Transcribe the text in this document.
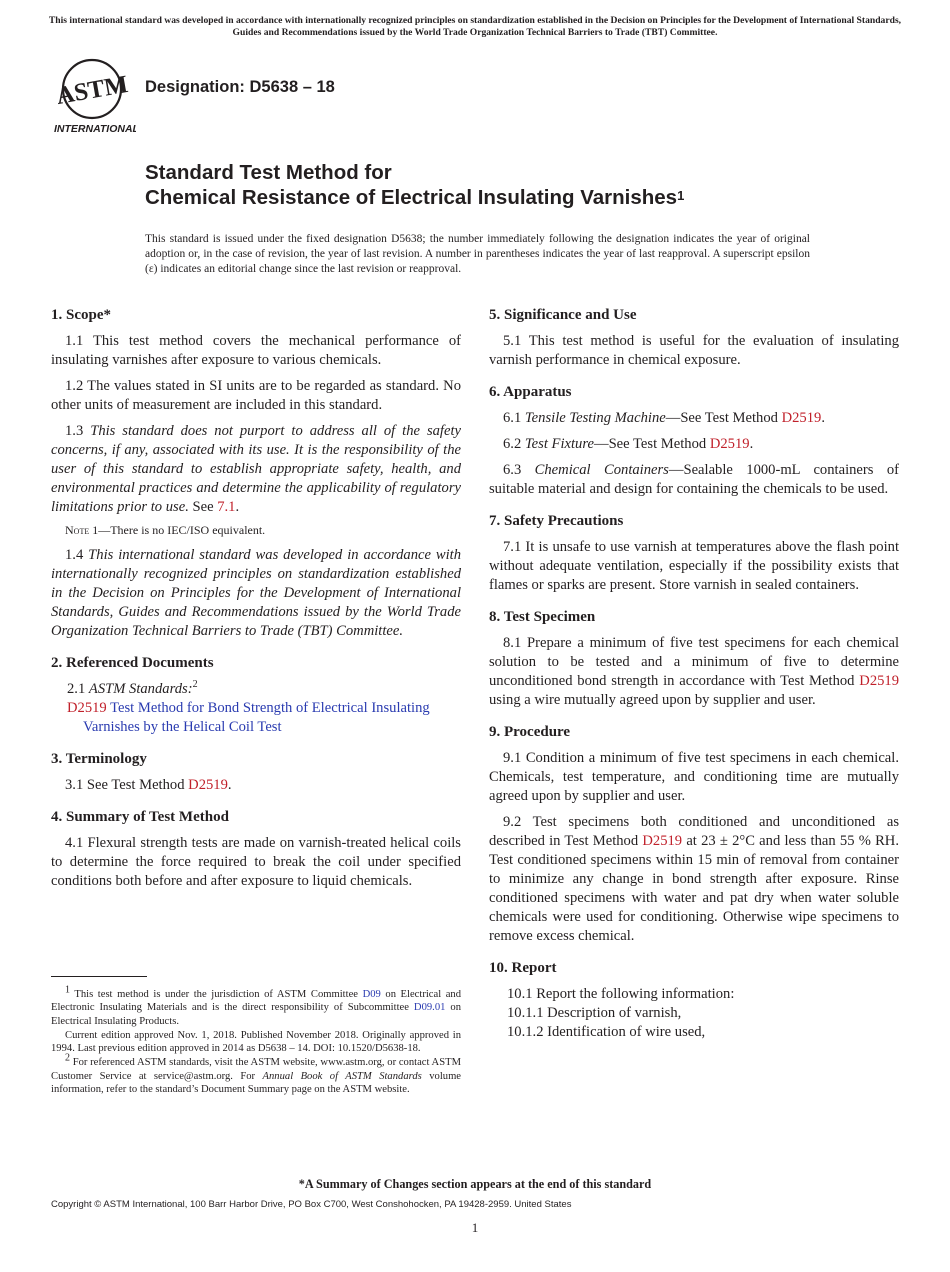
This international standard was developed in accordance with internationally recognized principles on standardization established in the Decision on Principles for the Development of International Standards, Guides and Recommendations issued by the World Trade Organization Technical Barriers to Trade (TBT) Committee.
ASTM
INTERNATIONAL
Designation: D5638 – 18
Standard Test Method for
Chemical Resistance of Electrical Insulating Varnishes$^1$
This standard is issued under the fixed designation D5638; the number immediately following the designation indicates the year of original adoption or, in the case of revision, the year of last revision. A number in parentheses indicates the year of last reapproval. A superscript epsilon (ε) indicates an editorial change since the last revision or reapproval.
1. Scope*

1.1 This test method covers the mechanical performance of insulating varnishes after exposure to various chemicals.

1.2 The values stated in SI units are to be regarded as standard. No other units of measurement are included in this standard.

1.3 This standard does not purport to address all of the safety concerns, if any, associated with its use. It is the responsibility of the user of this standard to establish appropriate safety, health, and environmental practices and determine the applicability of regulatory limitations prior to use. See 7.1.

Note 1—There is no IEC/ISO equivalent.

1.4 This international standard was developed in accordance with internationally recognized principles on standardization established in the Decision on Principles for the Development of International Standards, Guides and Recommendations issued by the World Trade Organization Technical Barriers to Trade (TBT) Committee.

2. Referenced Documents

2.1 ASTM Standards:$^2$

D2519 Test Method for Bond Strength of Electrical Insulating Varnishes by the Helical Coil Test

3. Terminology

3.1 See Test Method D2519.

4. Summary of Test Method

4.1 Flexural strength tests are made on varnish-treated helical coils to determine the force required to break the coil under specified conditions both before and after exposure to liquid chemicals.

$^1$ This test method is under the jurisdiction of ASTM Committee D09 on Electrical and Electronic Insulating Materials and is the direct responsibility of Subcommittee D09.01 on Electrical Insulating Products.

Current edition approved Nov. 1, 2018. Published November 2018. Originally approved in 1994. Last previous edition approved in 2014 as D5638 – 14. DOI: 10.1520/D5638-18.

$^2$ For referenced ASTM standards, visit the ASTM website, www.astm.org, or contact ASTM Customer Service at service@astm.org. For Annual Book of ASTM Standards volume information, refer to the standard’s Document Summary page on the ASTM website.

5. Significance and Use

5.1 This test method is useful for the evaluation of insulating varnish performance in chemical exposure.

6. Apparatus

6.1 Tensile Testing Machine—See Test Method D2519.

6.2 Test Fixture—See Test Method D2519.

6.3 Chemical Containers—Sealable 1000-mL containers of suitable material and design for containing the chemicals to be used.

7. Safety Precautions

7.1 It is unsafe to use varnish at temperatures above the flash point without adequate ventilation, especially if the possibility exists that flames or sparks are present. Store varnish in sealed containers.

8. Test Specimen

8.1 Prepare a minimum of five test specimens for each chemical solution to be tested and a minimum of five to determine unconditioned bond strength in accordance with Test Method D2519 using a wire mutually agreed upon by supplier and user.

9. Procedure

9.1 Condition a minimum of five test specimens in each chemical. Chemicals, test temperature, and conditioning time are mutually agreed upon by supplier and user.

9.2 Test specimens both conditioned and unconditioned as described in Test Method D2519 at 23 ± 2°C and less than 55 % RH. Test conditioned specimens within 15 min of removal from container to minimize any change in bond strength after exposure. Rinse conditioned specimens with water and pat dry when water soluble chemicals were used for conditioning. Otherwise wipe specimens to remove excess chemical.

10. Report
10.1 Report the following information:
10.1.1 Description of varnish,
10.1.2 Identification of wire used,
*A Summary of Changes section appears at the end of this standard
Copyright © ASTM International, 100 Barr Harbor Drive, PO Box C700, West Conshohocken, PA 19428-2959. United States
1
